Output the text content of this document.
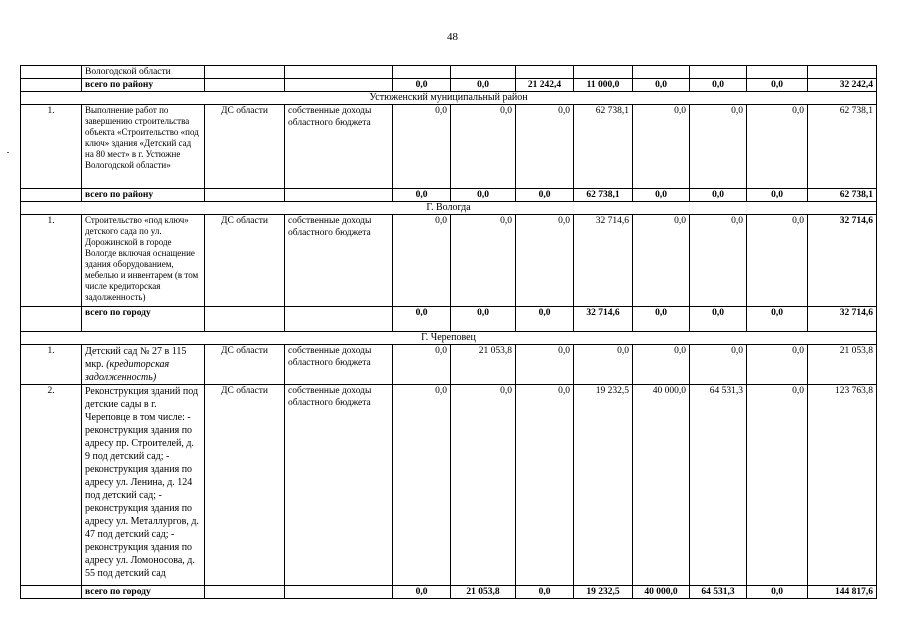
48
	Вологодской области										
	всего по району			0,0	0,0	21 242,4	11 000,0	0,0	0,0	0,0	32 242,4
Устюженский муниципальный район											
1.	Выполнение работ по завершению строительства объекта «Строительство «под ключ» здания «Детский сад на 80 мест» в г. Устюжне Вологодской области»	ДС области	собственные доходы областного бюджета	0,0	0,0	0,0	62 738,1	0,0	0,0	0,0	62 738,1
	всего по району			0,0	0,0	0,0	62 738,1	0,0	0,0	0,0	62 738,1
Г. Вологда											
1.	Строительство «под ключ» детского сада по ул. Дорожинской в городе Вологде включая оснащение здания оборудованием, мебелью и инвентарем (в том числе кредиторская задолженность)	ДС области	собственные доходы областного бюджета	0,0	0,0	0,0	32 714,6	0,0	0,0	0,0	32 714,6
	всего по городу			0,0	0,0	0,0	32 714,6	0,0	0,0	0,0	32 714,6
Г. Череповец											
1.	Детский сад № 27 в 115 мкр. (кредиторская задолженность)	ДС области	собственные доходы областного бюджета	0,0	21 053,8	0,0	0,0	0,0	0,0	0,0	21 053,8
2.	Реконструкция зданий под детские сады в г. Череповце в том числе: - реконструкция здания по адресу пр. Строителей, д. 9 под детский сад; - реконструкция здания по адресу ул. Ленина, д. 124 под детский сад; - реконструкция здания по адресу ул. Металлургов, д. 47 под детский сад; - реконструкция здания по адресу ул. Ломоносова, д. 55 под детский сад	ДС области	собственные доходы областного бюджета	0,0	0,0	0,0	19 232,5	40 000,0	64 531,3	0,0	123 763,8
	всего по городу			0,0	21 053,8	0,0	19 232,5	40 000,0	64 531,3	0,0	144 817,6
